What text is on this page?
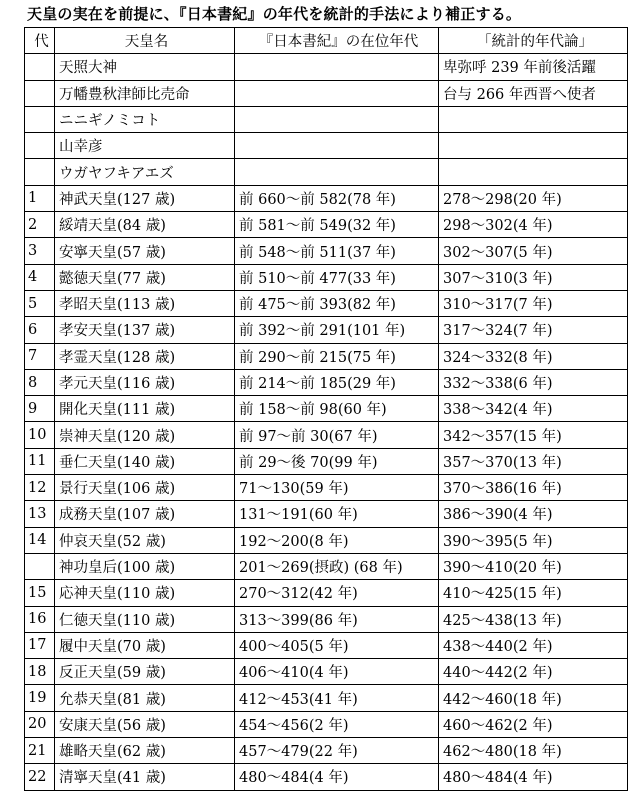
天皇の実在を前提に、『日本書紀』の年代を統計的手法により補正する。
代	天皇名	『日本書紀』の在位年代	「統計的年代論」
	天照大神		卑弥呼 239 年前後活躍
	万幡豊秋津師比売命		台与 266 年西晋へ使者
	ニニギノミコト		
	山幸彦		
	ウガヤフキアエズ		
1	神武天皇(127 歳)	前 660～前 582(78 年)	278～298(20 年)
2	綏靖天皇(84 歳)	前 581～前 549(32 年)	298～302(4 年)
3	安寧天皇(57 歳)	前 548～前 511(37 年)	302～307(5 年)
4	懿徳天皇(77 歳)	前 510～前 477(33 年)	307～310(3 年)
5	孝昭天皇(113 歳)	前 475～前 393(82 年)	310～317(7 年)
6	孝安天皇(137 歳)	前 392～前 291(101 年)	317～324(7 年)
7	孝霊天皇(128 歳)	前 290～前 215(75 年)	324～332(8 年)
8	孝元天皇(116 歳)	前 214～前 185(29 年)	332～338(6 年)
9	開化天皇(111 歳)	前 158～前 98(60 年)	338～342(4 年)
10	崇神天皇(120 歳)	前 97～前 30(67 年)	342～357(15 年)
11	垂仁天皇(140 歳)	前 29～後 70(99 年)	357～370(13 年)
12	景行天皇(106 歳)	71～130(59 年)	370～386(16 年)
13	成務天皇(107 歳)	131～191(60 年)	386～390(4 年)
14	仲哀天皇(52 歳)	192～200(8 年)	390～395(5 年)
	神功皇后(100 歳)	201～269(摂政) (68 年)	390～410(20 年)
15	応神天皇(110 歳)	270～312(42 年)	410～425(15 年)
16	仁徳天皇(110 歳)	313～399(86 年)	425～438(13 年)
17	履中天皇(70 歳)	400～405(5 年)	438～440(2 年)
18	反正天皇(59 歳)	406～410(4 年)	440～442(2 年)
19	允恭天皇(81 歳)	412～453(41 年)	442～460(18 年)
20	安康天皇(56 歳)	454～456(2 年)	460～462(2 年)
21	雄略天皇(62 歳)	457～479(22 年)	462～480(18 年)
22	清寧天皇(41 歳)	480～484(4 年)	480～484(4 年)
